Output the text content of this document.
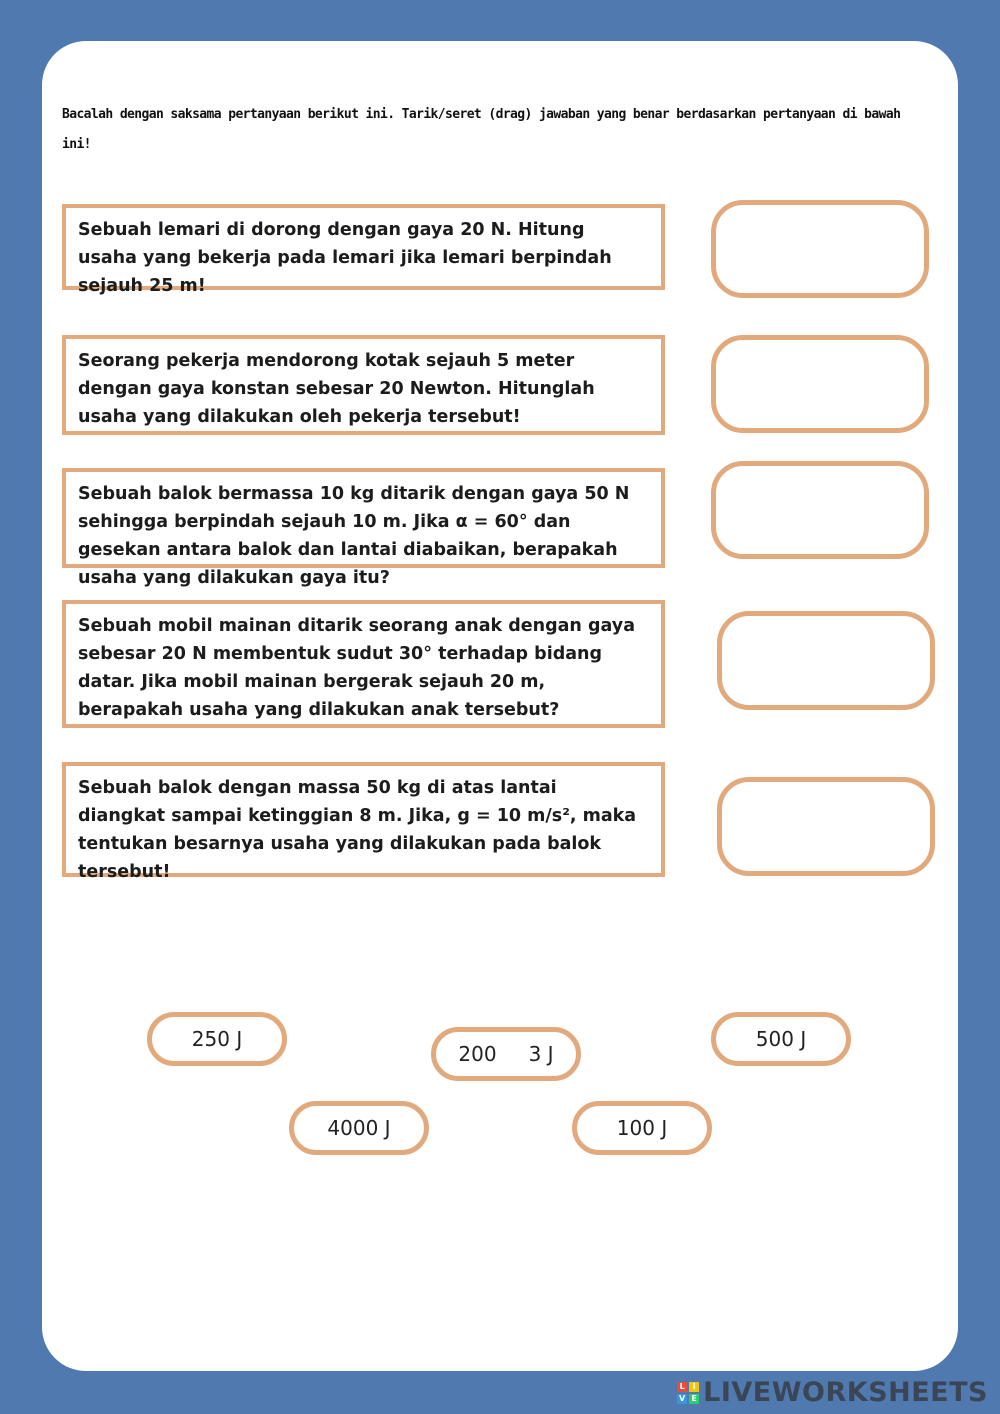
Bacalah dengan saksama pertanyaan berikut ini. Tarik/seret (drag) jawaban yang benar berdasarkan pertanyaan di bawah ini!
Sebuah lemari di dorong dengan gaya 20 N. Hitung usaha yang bekerja pada lemari jika lemari berpindah sejauh 25 m!
Seorang pekerja mendorong kotak sejauh 5 meter dengan gaya konstan sebesar 20 Newton. Hitunglah usaha yang dilakukan oleh pekerja tersebut!
Sebuah balok bermassa 10 kg ditarik dengan gaya 50 N sehingga berpindah sejauh 10 m. Jika α = 60° dan gesekan antara balok dan lantai diabaikan, berapakah usaha yang dilakukan gaya itu?
Sebuah mobil mainan ditarik seorang anak dengan gaya sebesar 20 N membentuk sudut 30° terhadap bidang datar. Jika mobil mainan bergerak sejauh 20 m, berapakah usaha yang dilakukan anak tersebut?
Sebuah balok dengan massa 50 kg di atas lantai diangkat sampai ketinggian 8 m. Jika, g = 10 m/s², maka tentukan besarnya usaha yang dilakukan pada balok tersebut!
250 J
200 3 J
500 J
4000 J	100 J
L I
V E LIVEWORKSHEETS
